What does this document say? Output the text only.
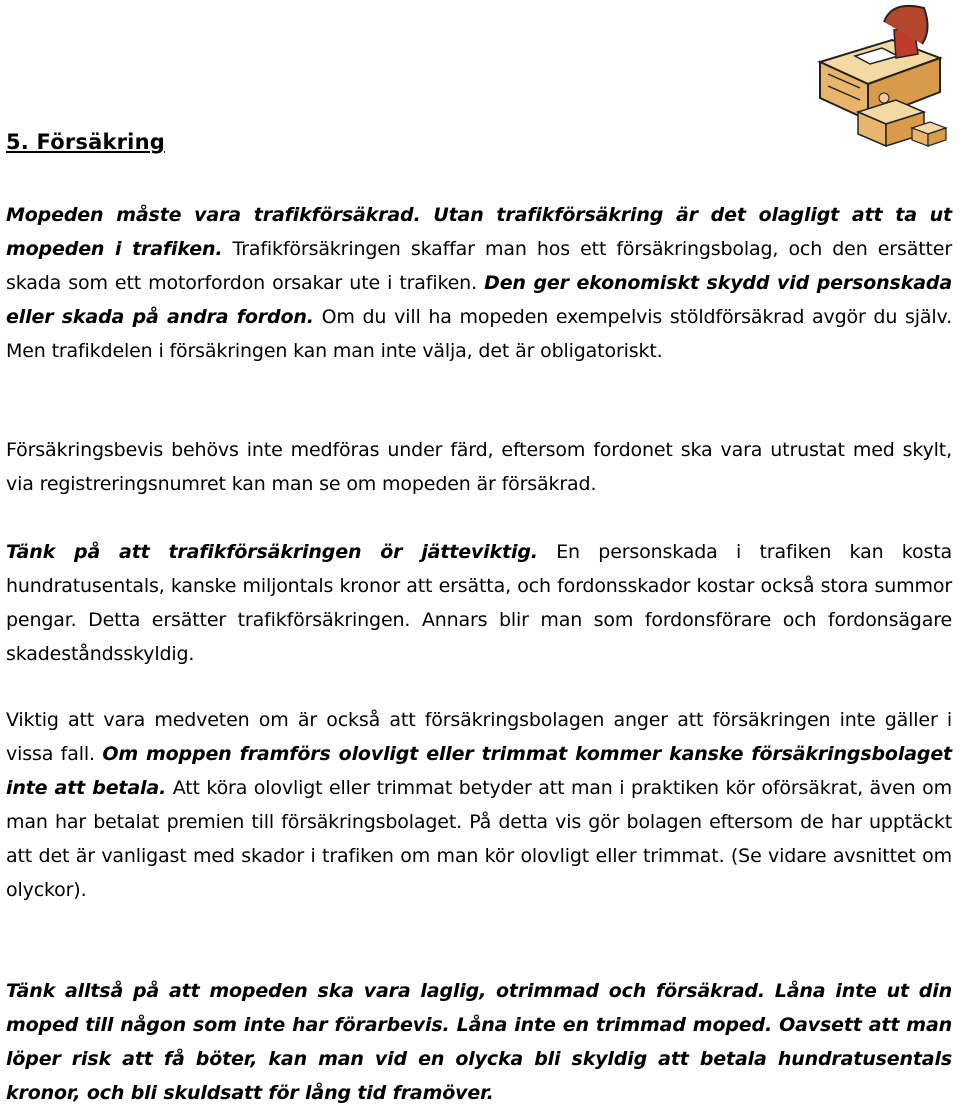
5. Försäkring

Mopeden måste vara trafikförsäkrad. Utan trafikförsäkring är det olagligt att ta ut mopeden i trafiken. Trafikförsäkringen skaffar man hos ett försäkringsbolag, och den ersätter skada som ett motorfordon orsakar ute i trafiken. Den ger ekonomiskt skydd vid personskada eller skada på andra fordon. Om du vill ha mopeden exempelvis stöldförsäkrad avgör du själv. Men trafikdelen i försäkringen kan man inte välja, det är obligatoriskt.

Försäkringsbevis behövs inte medföras under färd, eftersom fordonet ska vara utrustat med skylt, via registreringsnumret kan man se om mopeden är försäkrad.

Tänk på att trafikförsäkringen ör jätteviktig. En personskada i trafiken kan kosta hundratusentals, kanske miljontals kronor att ersätta, och fordonsskador kostar också stora summor pengar. Detta ersätter trafikförsäkringen. Annars blir man som fordonsförare och fordonsägare skadeståndsskyldig.

Viktig att vara medveten om är också att försäkringsbolagen anger att försäkringen inte gäller i vissa fall. Om moppen framförs olovligt eller trimmat kommer kanske försäkringsbolaget inte att betala. Att köra olovligt eller trimmat betyder att man i praktiken kör oförsäkrat, även om man har betalat premien till försäkringsbolaget. På detta vis gör bolagen eftersom de har upptäckt att det är vanligast med skador i trafiken om man kör olovligt eller trimmat. (Se vidare avsnittet om olyckor).

Tänk alltså på att mopeden ska vara laglig, otrimmad och försäkrad. Låna inte ut din moped till någon som inte har förarbevis. Låna inte en trimmad moped. Oavsett att man löper risk att få böter, kan man vid en olycka bli skyldig att betala hundratusentals kronor, och bli skuldsatt för lång tid framöver.
